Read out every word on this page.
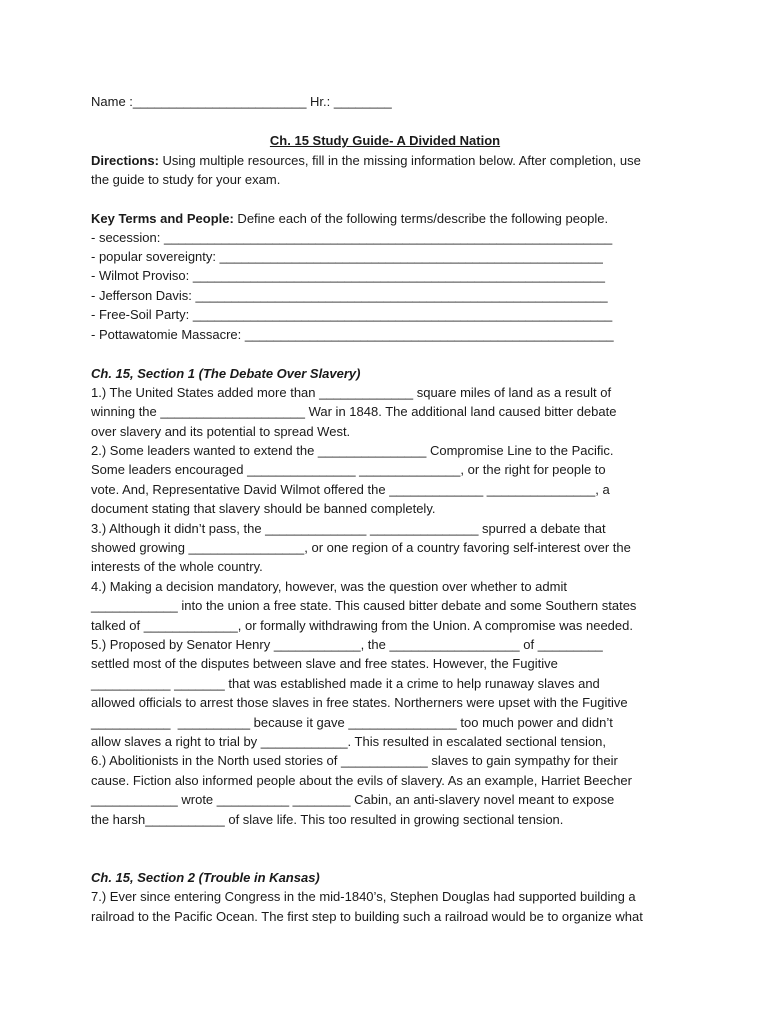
Name :________________________ Hr.: ________
Ch. 15 Study Guide- A Divided Nation
Directions: Using multiple resources, fill in the missing information below. After completion, use
the guide to study for your exam.
Key Terms and People: Define each of the following terms/describe the following people.
- secession: ______________________________________________________________
- popular sovereignty: _____________________________________________________
- Wilmot Proviso: _________________________________________________________
- Jefferson Davis: _________________________________________________________
- Free-Soil Party: __________________________________________________________
- Pottawatomie Massacre: ___________________________________________________
Ch. 15, Section 1 (The Debate Over Slavery)
1.) The United States added more than _____________ square miles of land as a result of
winning the ____________________ War in 1848. The additional land caused bitter debate
over slavery and its potential to spread West.
2.) Some leaders wanted to extend the _______________ Compromise Line to the Pacific.
Some leaders encouraged _______________ ______________, or the right for people to
vote. And, Representative David Wilmot offered the _____________ _______________, a
document stating that slavery should be banned completely.
3.) Although it didn’t pass, the ______________ _______________ spurred a debate that
showed growing ________________, or one region of a country favoring self-interest over the
interests of the whole country.
4.) Making a decision mandatory, however, was the question over whether to admit
____________ into the union a free state. This caused bitter debate and some Southern states
talked of _____________, or formally withdrawing from the Union. A compromise was needed.
5.) Proposed by Senator Henry ____________, the __________________ of _________
settled most of the disputes between slave and free states. However, the Fugitive
___________ _______ that was established made it a crime to help runaway slaves and
allowed officials to arrest those slaves in free states. Northerners were upset with the Fugitive
___________  __________ because it gave _______________ too much power and didn’t
allow slaves a right to trial by ____________. This resulted in escalated sectional tension,
6.) Abolitionists in the North used stories of ____________ slaves to gain sympathy for their
cause. Fiction also informed people about the evils of slavery. As an example, Harriet Beecher
____________ wrote __________ ________ Cabin, an anti-slavery novel meant to expose
the harsh___________ of slave life. This too resulted in growing sectional tension.
Ch. 15, Section 2 (Trouble in Kansas)
7.) Ever since entering Congress in the mid-1840’s, Stephen Douglas had supported building a
railroad to the Pacific Ocean. The first step to building such a railroad would be to organize what
